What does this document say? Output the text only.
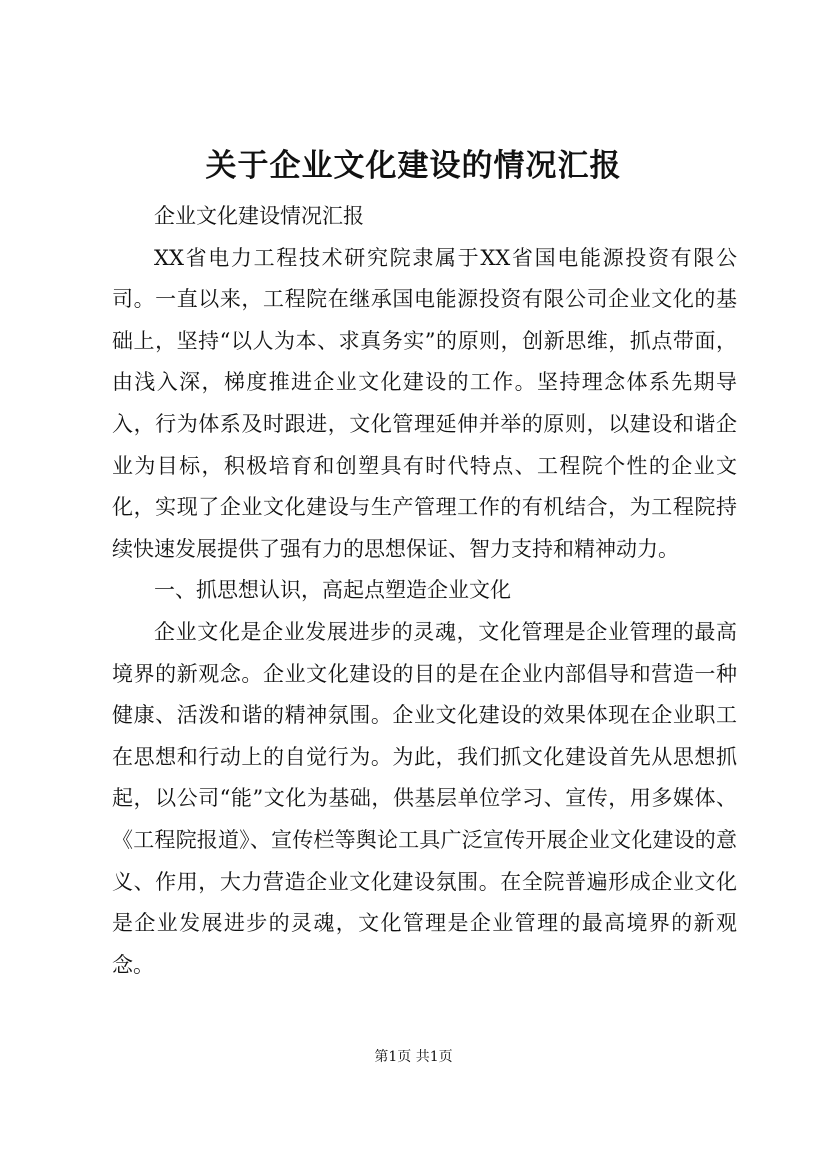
关于企业文化建设的情况汇报

企业文化建设情况汇报

XX省电力工程技术研究院隶属于XX省国电能源投资有限公司。一直以来，工程院在继承国电能源投资有限公司企业文化的基础上，坚持“以人为本、求真务实”的原则，创新思维，抓点带面，由浅入深，梯度推进企业文化建设的工作。坚持理念体系先期导入，行为体系及时跟进，文化管理延伸并举的原则，以建设和谐企业为目标，积极培育和创塑具有时代特点、工程院个性的企业文化，实现了企业文化建设与生产管理工作的有机结合，为工程院持续快速发展提供了强有力的思想保证、智力支持和精神动力。

一、抓思想认识，高起点塑造企业文化

企业文化是企业发展进步的灵魂，文化管理是企业管理的最高境界的新观念。企业文化建设的目的是在企业内部倡导和营造一种健康、活泼和谐的精神氛围。企业文化建设的效果体现在企业职工在思想和行动上的自觉行为。为此，我们抓文化建设首先从思想抓起，以公司“能”文化为基础，供基层单位学习、宣传，用多媒体、《工程院报道》、宣传栏等舆论工具广泛宣传开展企业文化建设的意义、作用，大力营造企业文化建设氛围。在全院普遍形成企业文化是企业发展进步的灵魂，文化管理是企业管理的最高境界的新观念。

第1页 共1页
